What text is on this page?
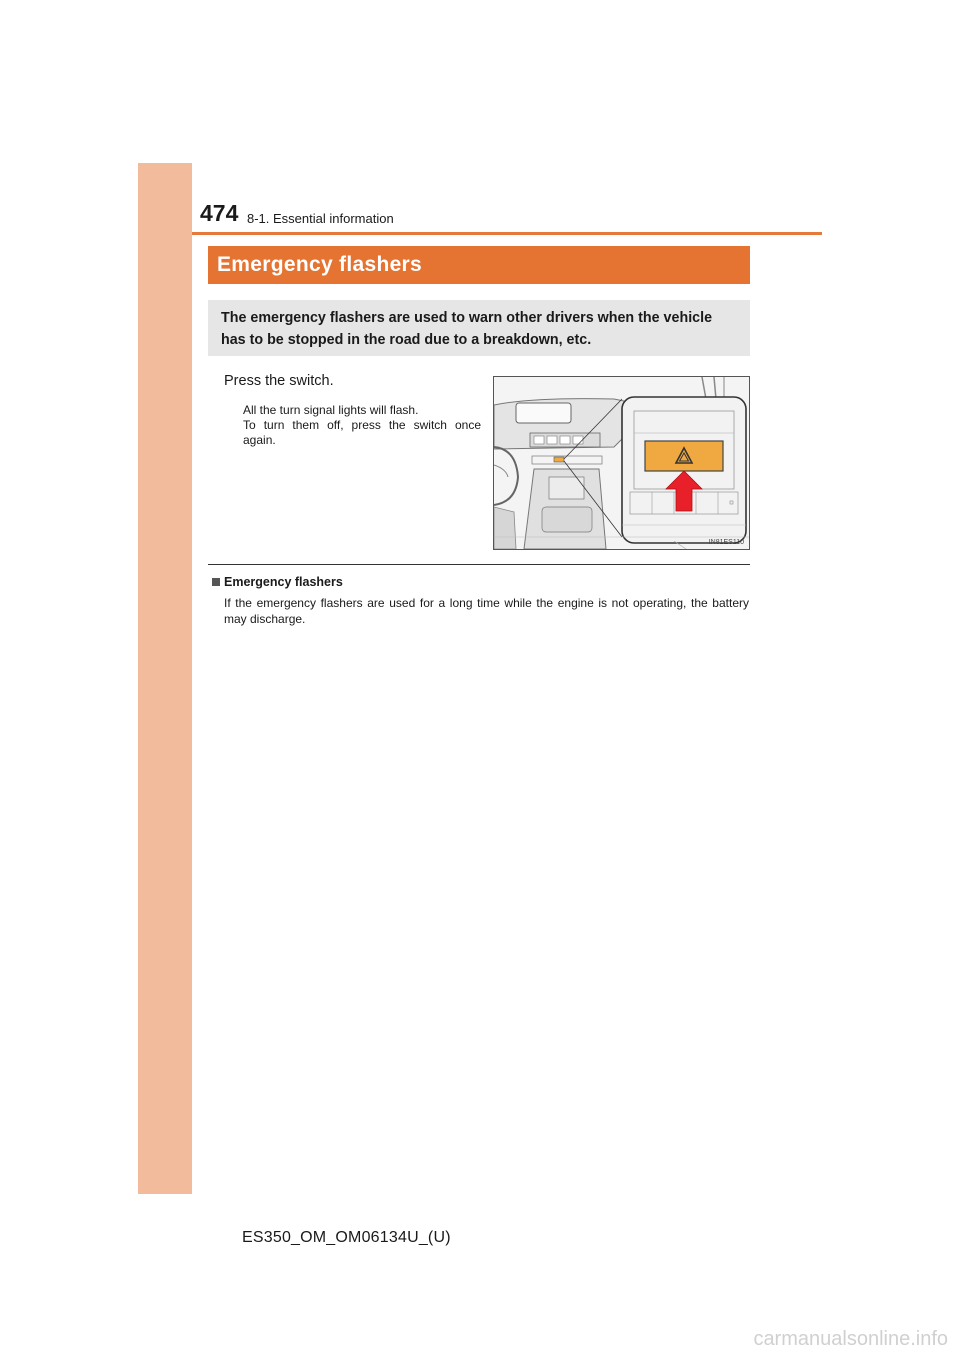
474 8-1. Essential information
Emergency flashers
The emergency flashers are used to warn other drivers when the vehicle has to be stopped in the road due to a breakdown, etc.
Press the switch.
All the turn signal lights will flash.
To turn them off, press the switch once again.
IN81ES110
Emergency flashers
If the emergency flashers are used for a long time while the engine is not operating, the battery may discharge.
ES350_OM_OM06134U_(U)
carmanualsonline.info
